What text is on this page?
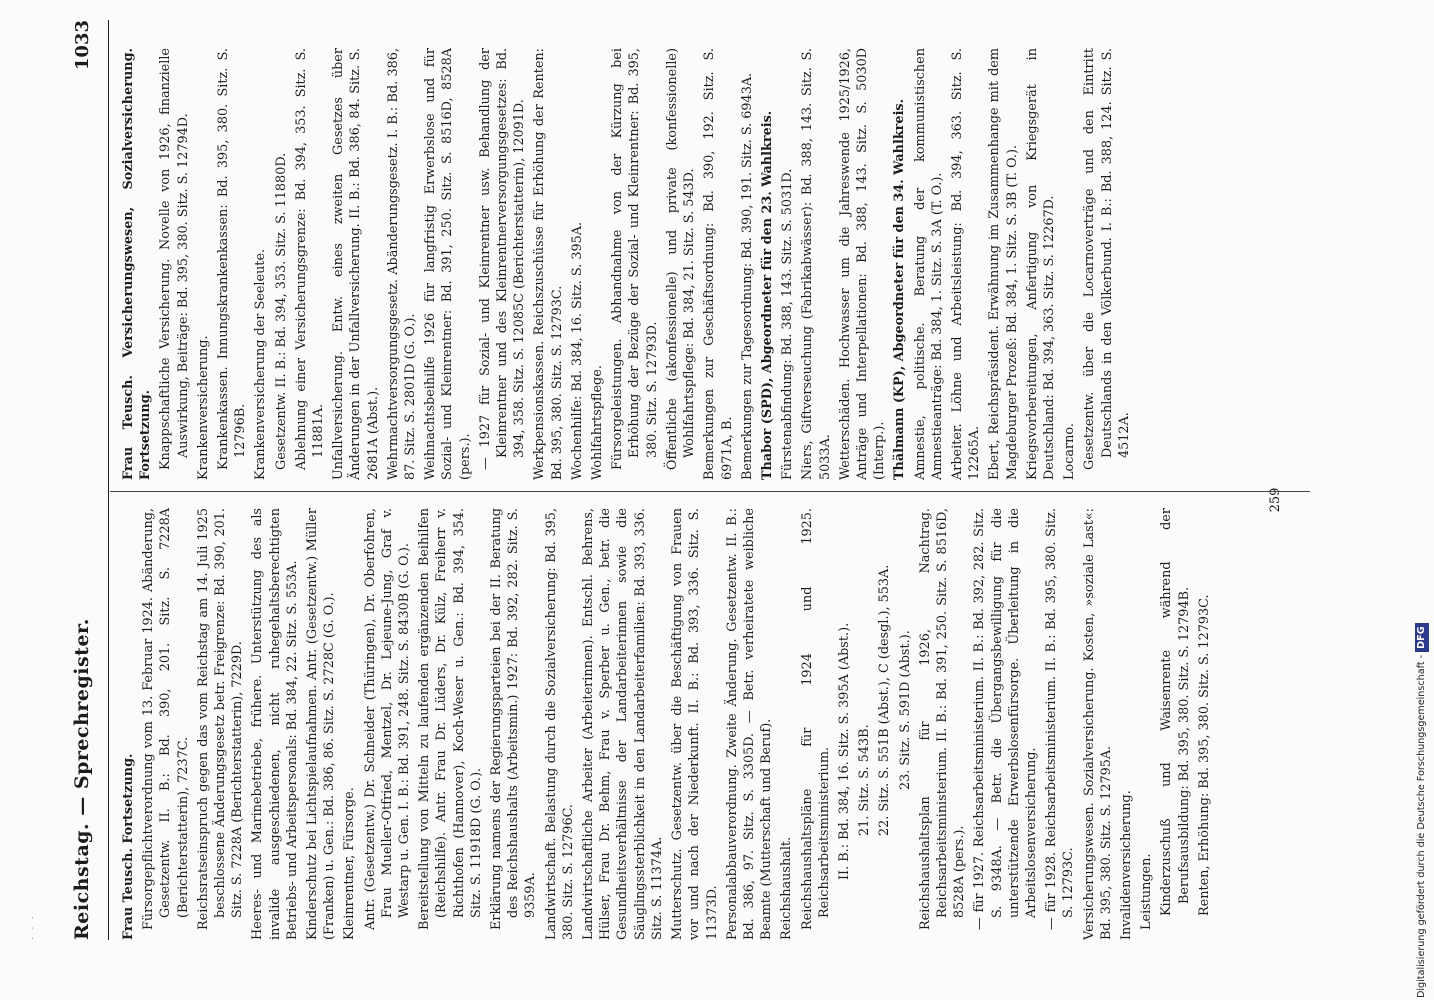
· · · Reichstag. — Sprechregister.
1033

Frau Teusch. Fortsetzung. Fürsorgepflichtverordnung vom 13. Februar 1924. Abänderung, Gesetzentw. II. B.: Bd. 390, 201. Sitz. S. 7228A (Berichterstatterin), 7237C. Reichsratseinspruch gegen das vom Reichstag am 14. Juli 1925 beschlossene Änderungsgesetz betr. Freigrenze: Bd. 390, 201. Sitz. S. 7228A (Berichterstatterin), 7229D. Heeres- und Marinebetriebe, frühere. Unterstützung des als invalide ausgeschiedenen, nicht ruhegehaltsberechtigten Betriebs- und Arbeitspersonals: Bd. 384, 22. Sitz. S. 553A. Kinderschutz bei Lichtspielaufnahmen. Antr. (Gesetzentw.) Müller (Franken) u. Gen.: Bd. 386, 86. Sitz. S. 2728C (G. O.). Kleinrentner, Fürsorge. Antr. (Gesetzentw.) Dr. Schneider (Thüringen), Dr. Oberfohren, Frau Mueller-Otfried, Mentzel, Dr. Lejeune-Jung, Graf v. Westarp u. Gen. I. B.: Bd. 391, 248. Sitz. S. 8430B (G. O.). Bereitstellung von Mitteln zu laufenden ergänzenden Beihilfen (Reichshilfe). Antr. Frau Dr. Lüders, Dr. Külz, Freiherr v. Richthofen (Hannover), Koch-Weser u. Gen.: Bd. 394, 354. Sitz. S. 11918D (G. O.). Erklärung namens der Regierungsparteien bei der II. Beratung des Reichshaushalts (Arbeitsmin.) 1927: Bd. 392, 282. Sitz. S. 9359A. Landwirtschaft. Belastung durch die Sozialversicherung: Bd. 395, 380. Sitz. S. 12796C. Landwirtschaftliche Arbeiter (Arbeiterinnen). Entschl. Behrens, Hülser, Frau Dr. Behm, Frau v. Sperber u. Gen., betr. die Gesundheitsverhältnisse der Landarbeiterinnen sowie die Säuglingssterblichkeit in den Landarbeiterfamilien: Bd. 393, 336. Sitz. S. 11374A. Mutterschutz. Gesetzentw. über die Beschäftigung von Frauen vor und nach der Niederkunft. II. B.: Bd. 393, 336. Sitz. S. 11373D. Personalabbauverordnung. Zweite Änderung. Gesetzentw. II. B.: Bd. 386, 97. Sitz. S. 3305D. — Betr. verheiratete weibliche Beamte (Mutterschaft und Beruf). Reichshaushalt. Reichshaushaltspläne für 1924 und 1925. Reichsarbeitsministerium. II. B.: Bd. 384, 16. Sitz. S. 395A (Abst.). 21. Sitz. S. 543B. 22. Sitz. S. 551B (Abst.), C (desgl.), 553A. 23. Sitz. S. 591D (Abst.). Reichshaushaltsplan für 1926, Nachtrag. Reichsarbeitsministerium. II. B.: Bd. 391, 250. Sitz. S. 8516D, 8528A (pers.). — für 1927. Reichsarbeitsministerium. II. B.: Bd. 392, 282. Sitz. S. 9348A. — Betr. die Übergangsbewilligung für die unterstützende Erwerbslosenfürsorge. Überleitung in die Arbeitslosenversicherung. — für 1928. Reichsarbeitsministerium. II. B.: Bd. 395, 380. Sitz. S. 12793C. Versicherungswesen. Sozialversicherung. Kosten, »soziale Last«: Bd. 395, 380. Sitz. S. 12795A. Invalidenversicherung. Leistungen. Kinderzuschuß und Waisenrente während der Berufsausbildung: Bd. 395, 380. Sitz. S. 12794B. Renten, Erhöhung: Bd. 395, 380. Sitz. S. 12793C.

Frau Teusch. Versicherungswesen, Sozialversicherung. Fortsetzung. Knappschaftliche Versicherung. Novelle von 1926, finanzielle Auswirkung, Beiträge: Bd. 395, 380. Sitz. S. 12794D. Krankenversicherung. Krankenkassen. Innungskrankenkassen: Bd. 395, 380. Sitz. S. 12796B. Krankenversicherung der Seeleute. Gesetzentw. II. B.: Bd. 394, 353. Sitz. S. 11880D. Ablehnung einer Versicherungsgrenze: Bd. 394, 353. Sitz. S. 11881A. Unfallversicherung. Entw. eines zweiten Gesetzes über Änderungen in der Unfallversicherung. II. B.: Bd. 386, 84. Sitz. S. 2681A (Abst.). Wehrmachtversorgungsgesetz. Abänderungsgesetz. I. B.: Bd. 386, 87. Sitz. S. 2801D (G. O.). Weihnachtsbeihilfe 1926 für langfristig Erwerbslose und für Sozial- und Kleinrentner: Bd. 391, 250. Sitz. S. 8516D, 8528A (pers.). — 1927 für Sozial- und Kleinrentner usw. Behandlung der Kleinrentner und des Kleinrentnerversorgungsgesetzes: Bd. 394, 358. Sitz. S. 12085C (Berichterstatterin), 12091D. Werkpensionskassen. Reichszuschüsse für Erhöhung der Renten: Bd. 395, 380. Sitz. S. 12793C. Wochenhilfe: Bd. 384, 16. Sitz. S. 395A. Wohlfahrtspflege. Fürsorgeleistungen. Abhandnahme von der Kürzung bei Erhöhung der Bezüge der Sozial- und Kleinrentner: Bd. 395, 380. Sitz. S. 12793D. Öffentliche (akonfessionelle) und private (konfessionelle) Wohlfahrtspflege: Bd. 384, 21. Sitz. S. 543D. Bemerkungen zur Geschäftsordnung: Bd. 390, 192. Sitz. S. 6971A, B. Bemerkungen zur Tagesordnung: Bd. 390, 191. Sitz. S. 6943A. Thabor (SPD), Abgeordneter für den 23. Wahlkreis. Fürstenabfindung: Bd. 388, 143. Sitz. S. 5031D. Niers, Giftverseuchung (Fabrikabwässer): Bd. 388, 143. Sitz. S. 5033A. Wetterschäden. Hochwasser um die Jahreswende 1925/1926, Anträge und Interpellationen: Bd. 388, 143. Sitz. S. 5030D (Interp.). Thälmann (KP), Abgeordneter für den 34. Wahlkreis. Amnestie, politische. Beratung der kommunistischen Amnestieanträge: Bd. 384, 1. Sitz. S. 3A (T. O.). Arbeiter. Löhne und Arbeitsleistung: Bd. 394, 363. Sitz. S. 12265A. Ebert, Reichspräsident. Erwähnung im Zusammenhange mit dem Magdeburger Prozeß: Bd. 384, 1. Sitz. S. 3B (T. O.). Kriegsvorbereitungen, Anfertigung von Kriegsgerät in Deutschland: Bd. 394, 363. Sitz. S. 12267D. Locarno. Gesetzentw. über die Locarnoverträge und den Eintritt Deutschlands in den Völkerbund. I. B.: Bd. 388, 124. Sitz. S. 4512A.

259
Digitalisierung gefördert durch die Deutsche Forschungsgemeinschaft - DFG
